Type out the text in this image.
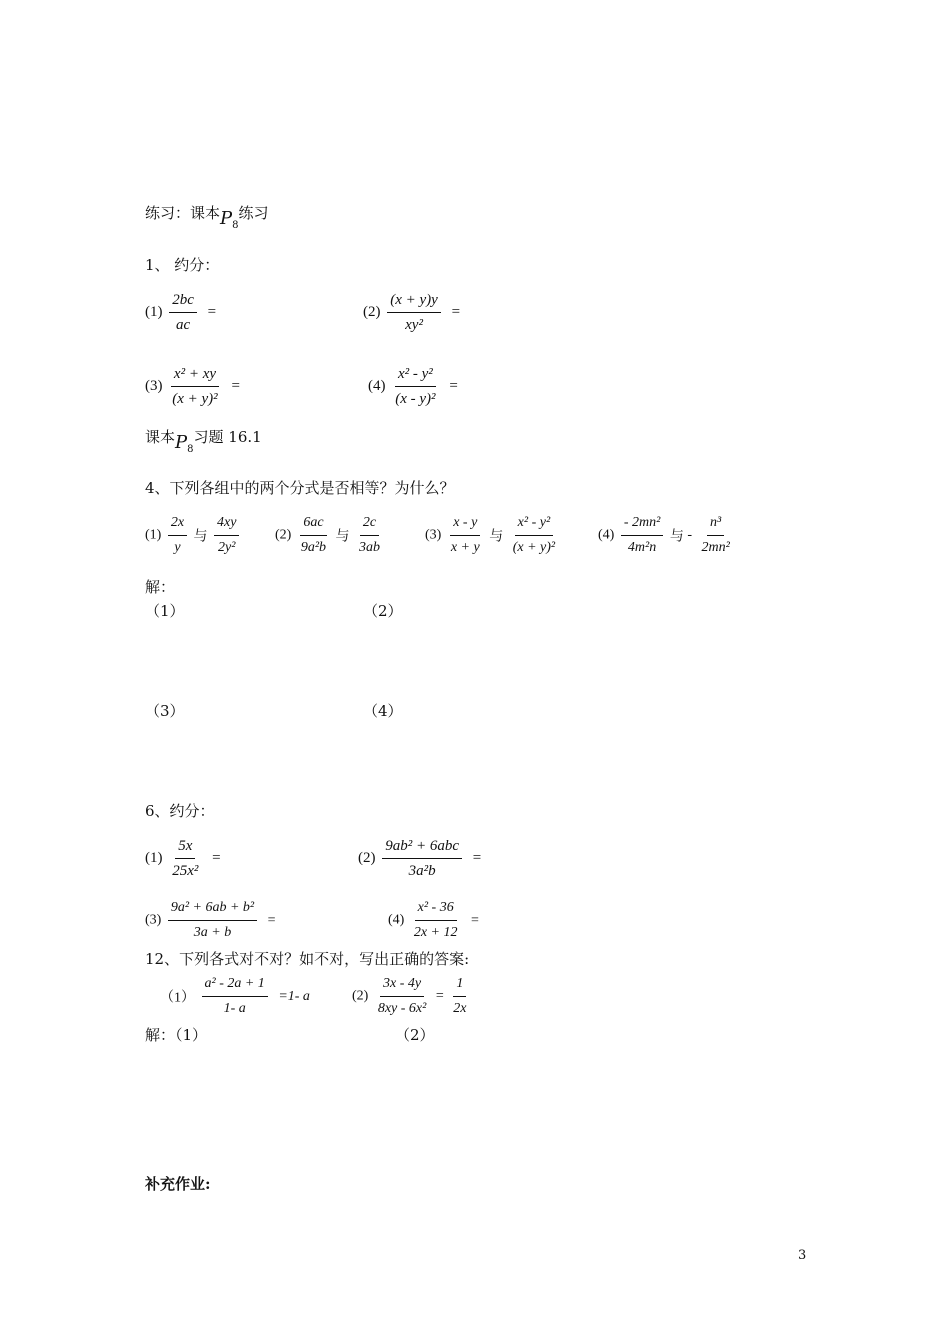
练习：课本$P_8$练习
1、 约分：
$(1) \frac{2bc}{ac}$ =	$(2) \frac{(x + y)y}{\text{xy²}}$ =
$(3) \frac{\text{x² + xy}}{\text{(x + y)²}}$ =	$(4) \frac{\text{x² - y²}}{\text{(x - y)²}}$ =
课本$P_8$习题 16.1
4、下列各组中的两个分式是否相等？为什么？
$(1) \frac{2x}{y}$ 与 $\frac{4xy}{\text{2y²}}$	$(2) \frac{6ac}{\text{9a²b}}$ 与 $\frac{2c}{3ab}$	$(3) \frac{x - y}{x + y}$ 与 $\frac{\text{x² - y²}}{\text{(x + y)²}}$	$(4) \frac{\text{- 2mn²}}{\text{4m²n}}$ 与 - $\frac{\text{n³}}{\text{2mn²}}$
解：
（1）	（2）
（3）	（4）
6、约分：
$(1) \frac{5x}{\text{25x²}}$ =	$(2) \frac{\text{9ab² + 6abc}}{\text{3a²b}}$ =
$(3) \frac{\text{9a² + 6ab + b²}}{3a + b}$ =	$(4) \frac{\text{x² - 36}}{2x + 12}$ =
12、下列各式对不对？如不对，写出正确的答案:
$(1) \frac{\text{a² - 2a + 1}}{1- a} =1-$ a	$(2) \frac{3x - 4y}{\text{8xy - 6x²}} = \frac{1}{2x}$
解：（1）	（2）
补充作业:
3
